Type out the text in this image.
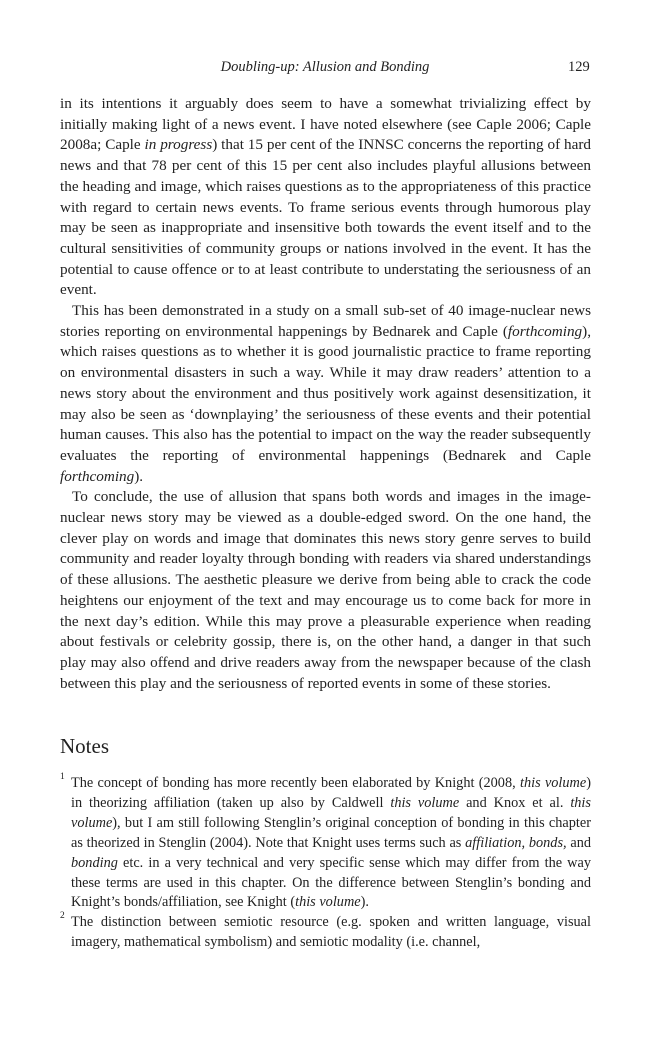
Doubling-up: Allusion and Bonding	129

in its intentions it arguably does seem to have a somewhat trivializing effect by initially making light of a news event. I have noted elsewhere (see Caple 2006; Caple 2008a; Caple in progress) that 15 per cent of the INNSC concerns the reporting of hard news and that 78 per cent of this 15 per cent also includes playful allusions between the heading and image, which raises questions as to the appropriateness of this practice with regard to certain news events. To frame serious events through humorous play may be seen as inappropriate and insensitive both towards the event itself and to the cultural sensitivities of community groups or nations involved in the event. It has the potential to cause offence or to at least contribute to understating the seriousness of an event.

This has been demonstrated in a study on a small sub-set of 40 image-nuclear news stories reporting on environmental happenings by Bednarek and Caple (forthcoming), which raises questions as to whether it is good journalistic practice to frame reporting on environmental disasters in such a way. While it may draw readers’ attention to a news story about the environment and thus positively work against desensitization, it may also be seen as ‘downplaying’ the seriousness of these events and their potential human causes. This also has the potential to impact on the way the reader subsequently evaluates the reporting of environmental happenings (Bednarek and Caple forthcoming).

To conclude, the use of allusion that spans both words and images in the image-nuclear news story may be viewed as a double-edged sword. On the one hand, the clever play on words and image that dominates this news story genre serves to build community and reader loyalty through bonding with readers via shared understandings of these allusions. The aesthetic pleasure we derive from being able to crack the code heightens our enjoyment of the text and may encourage us to come back for more in the next day’s edition. While this may prove a pleasurable experience when reading about festivals or celebrity gossip, there is, on the other hand, a danger in that such play may also offend and drive readers away from the newspaper because of the clash between this play and the seriousness of reported events in some of these stories.

Notes

1 The concept of bonding has more recently been elaborated by Knight (2008, this volume) in theorizing affiliation (taken up also by Caldwell this volume and Knox et al. this volume), but I am still following Stenglin’s original conception of bonding in this chapter as theorized in Stenglin (2004). Note that Knight uses terms such as affiliation, bonds, and bonding etc. in a very technical and very specific sense which may differ from the way these terms are used in this chapter. On the difference between Stenglin’s bonding and Knight’s bonds/affiliation, see Knight (this volume).

2 The distinction between semiotic resource (e.g. spoken and written language, visual imagery, mathematical symbolism) and semiotic modality (i.e. channel,
